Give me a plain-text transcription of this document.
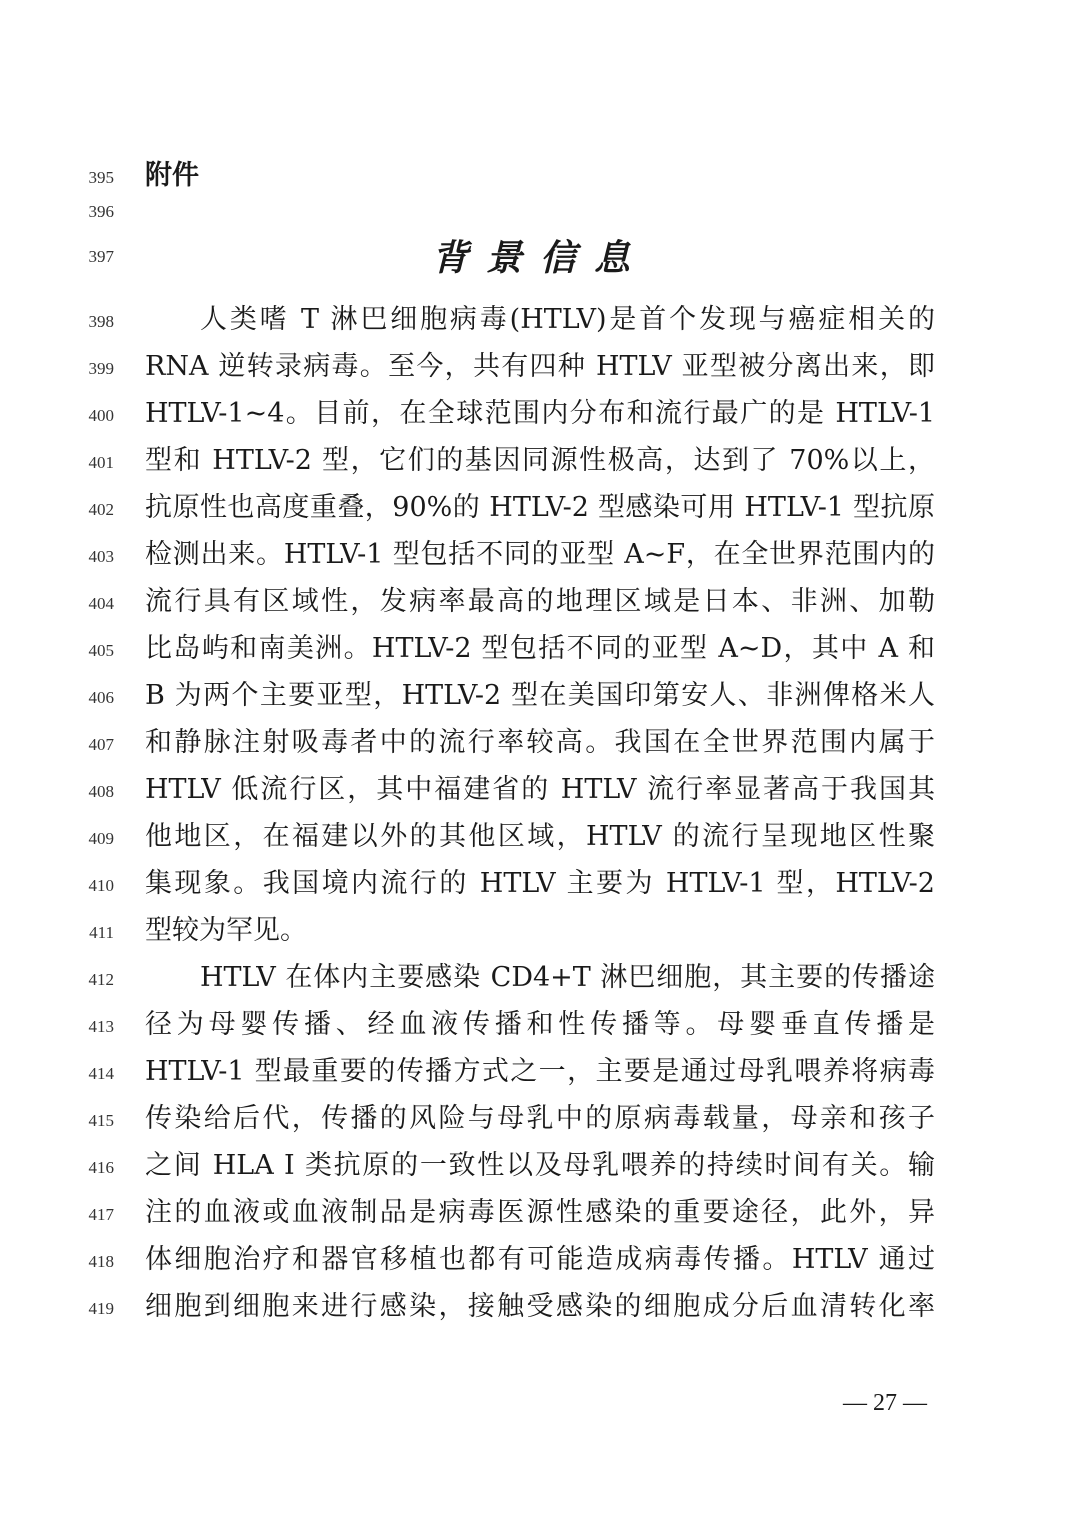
395 附件
396
397	背景信息
398	人类嗜 T 淋巴细胞病毒(HTLV)是首个发现与癌症相关的
399 RNA 逆转录病毒。至今，共有四种 HTLV 亚型被分离出来，即
400 HTLV-1~4。目前，在全球范围内分布和流行最广的是 HTLV-1
401 型和 HTLV-2 型，它们的基因同源性极高，达到了 70%以上，
402 抗原性也高度重叠，90%的 HTLV-2 型感染可用 HTLV-1 型抗原
403 检测出来。HTLV-1 型包括不同的亚型 A~F，在全世界范围内的
404 流行具有区域性，发病率最高的地理区域是日本、非洲、加勒
405 比岛屿和南美洲。HTLV-2 型包括不同的亚型 A~D，其中 A 和
406 B 为两个主要亚型，HTLV-2 型在美国印第安人、非洲俾格米人
407 和静脉注射吸毒者中的流行率较高。我国在全世界范围内属于
408 HTLV 低流行区，其中福建省的 HTLV 流行率显著高于我国其
409 他地区，在福建以外的其他区域，HTLV 的流行呈现地区性聚
410 集现象。我国境内流行的 HTLV 主要为 HTLV-1 型，HTLV-2
411 型较为罕见。
412	HTLV 在体内主要感染 CD4+T 淋巴细胞，其主要的传播途
413 径为母婴传播、经血液传播和性传播等。母婴垂直传播是
414 HTLV-1 型最重要的传播方式之一，主要是通过母乳喂养将病毒
415 传染给后代，传播的风险与母乳中的原病毒载量，母亲和孩子
416 之间 HLA I 类抗原的一致性以及母乳喂养的持续时间有关。输
417 注的血液或血液制品是病毒医源性感染的重要途径，此外，异
418 体细胞治疗和器官移植也都有可能造成病毒传播。HTLV 通过
419 细胞到细胞来进行感染，接触受感染的细胞成分后血清转化率
— 27 —
